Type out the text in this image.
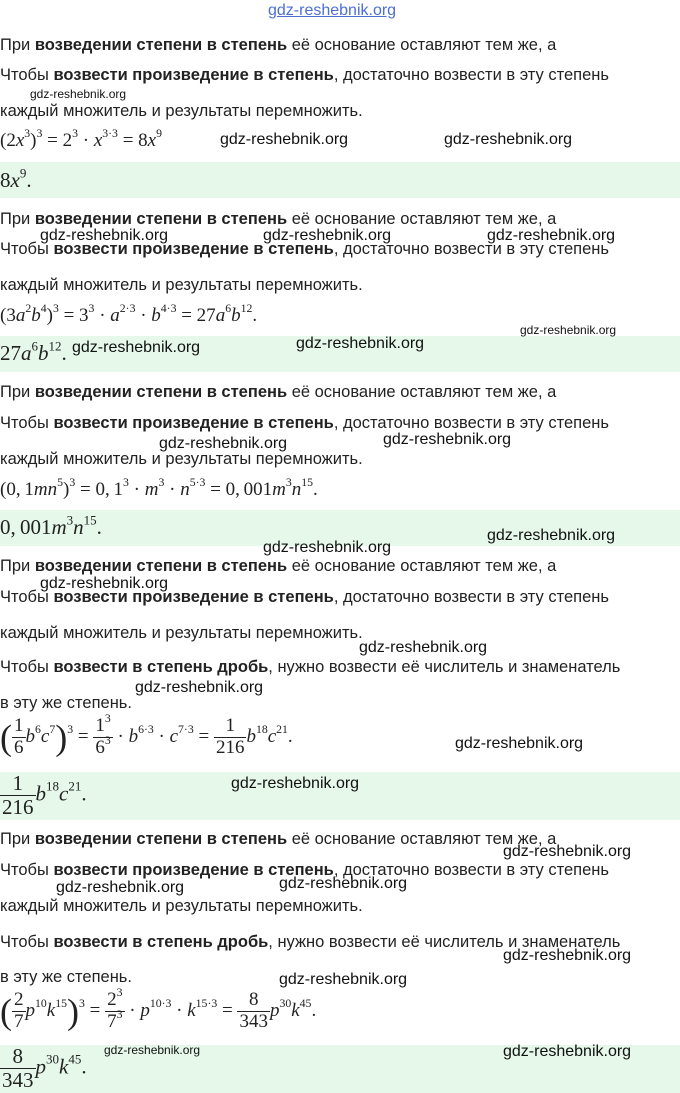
gdz-reshebnik.org
При возведении степени в степень её основание оставляют тем же, а
Чтобы возвести произведение в степень, достаточно возвести в эту степень
каждый множитель и результаты перемножить.
$(2x^3)^3 = 2^3 \cdot x^{3\cdot 3} = 8x^9$
$8x^9$.
При возведении степени в степень её основание оставляют тем же, а
Чтобы возвести произведение в степень, достаточно возвести в эту степень
каждый множитель и результаты перемножить.
$(3a^2b^4)^3 = 3^3 \cdot a^{2\cdot 3} \cdot b^{4\cdot 3} = 27a^6b^{12}$.
$27a^6b^{12}$.
При возведении степени в степень её основание оставляют тем же, а
Чтобы возвести произведение в степень, достаточно возвести в эту степень
каждый множитель и результаты перемножить.
(0, $1mn^5)^3 = 0$, $1^3 \cdot m^3 \cdot n^{5\cdot 3} = 0$, $001m^3n^{15}$.
0, $001m^3n^{15}$.
При возведении степени в степень её основание оставляют тем же, а
Чтобы возвести произведение в степень, достаточно возвести в эту степень
каждый множитель и результаты перемножить.
Чтобы возвести в степень дробь, нужно возвести её числитель и знаменатель
в эту же степень.
( $\frac{1}{6} b^6c^7)^3 = \frac{1^3}{6^3} \cdot b^{6\cdot 3} \cdot c^{7\cdot 3} = \frac{1}{216} b^{18}c^{21}$.
$\frac{1}{216} b^{18}c^{21}$.
При возведении степени в степень её основание оставляют тем же, а
Чтобы возвести произведение в степень, достаточно возвести в эту степень
каждый множитель и результаты перемножить.
Чтобы возвести в степень дробь, нужно возвести её числитель и знаменатель
в эту же степень.
( $\frac{2}{7} p^{10}k^{15})^3 = \frac{2^3}{7^3} \cdot p^{10\cdot 3} \cdot k^{15\cdot 3} = \frac{8}{343} p^{30}k^{45}$.
$\frac{8}{343} p^{30}k^{45}$.
gdz-reshebnik.org
gdz-reshebnik.org	gdz-reshebnik.org
gdz-reshebnik.org	gdz-reshebnik.org	gdz-reshebnik.org
gdz-reshebnik.org
gdz-reshebnik.org	gdz-reshebnik.org
gdz-reshebnik.org
gdz-reshebnik.org
gdz-reshebnik.org
gdz-reshebnik.org
gdz-reshebnik.org
gdz-reshebnik.org
gdz-reshebnik.org
gdz-reshebnik.org
gdz-reshebnik.org
gdz-reshebnik.org
gdz-reshebnik.org
gdz-reshebnik.org
gdz-reshebnik.org
gdz-reshebnik.org
gdz-reshebnik.org	gdz-reshebnik.org
